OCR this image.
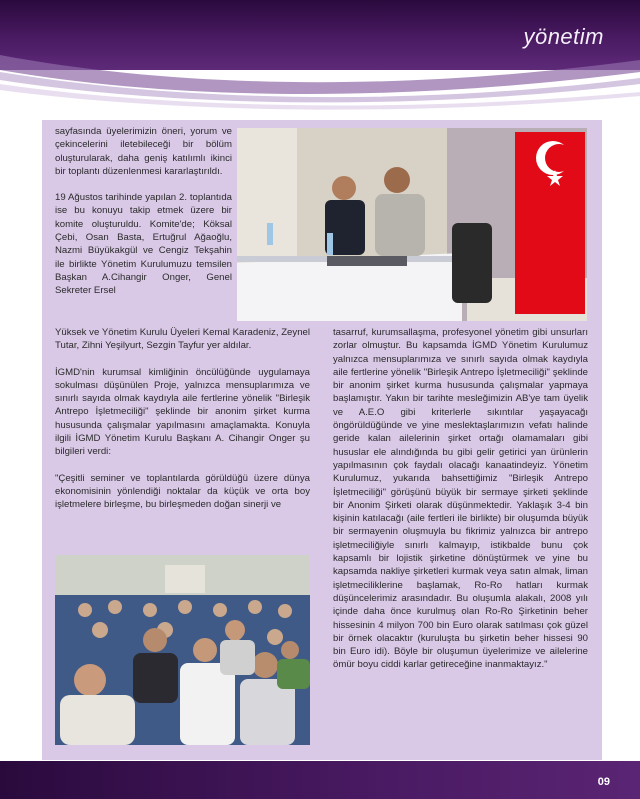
yönetim

sayfasında üyelerimizin öneri, yorum ve çekincelerini iletebileceği bir bölüm oluşturularak, daha geniş katılımlı ikinci bir toplantı düzenlenmesi kararlaştırıldı.

19 Ağustos tarihinde yapılan 2. toplantıda ise bu konuyu takip etmek üzere bir komite oluşturuldu. Komite'de; Köksal Çebi, Osan Basta, Ertuğrul Ağaoğlu, Nazmi Büyükakgül ve Cengiz Tekşahin ile birlikte Yönetim Kurulumuzu temsilen Başkan A.Cihangir Onger, Genel Sekreter Ersel

Yüksek ve Yönetim Kurulu Üyeleri Kemal Karadeniz, Zeynel Tutar, Zihni Yeşilyurt, Sezgin Tayfur yer aldılar.

İGMD'nin kurumsal kimliğinin öncülüğünde uygulamaya sokulması düşünülen Proje, yalnızca mensuplarımıza ve sınırlı sayıda olmak kaydıyla aile fertlerine yönelik "Birleşik Antrepo İşletmeciliği" şeklinde bir anonim şirket kurma hususunda çalışmalar yapılmasını amaçlamakta. Konuyla ilgili İGMD Yönetim Kurulu Başkanı A. Cihangir Onger şu bilgileri verdi:

"Çeşitli seminer ve toplantılarda görüldüğü üzere dünya ekonomisinin yönlendiği noktalar da küçük ve orta boy işletmelere birleşme, bu birleşmeden doğan sinerji ve

tasarruf, kurumsallaşma, profesyonel yönetim gibi unsurları zorlar olmuştur. Bu kapsamda İGMD Yönetim Kurulumuz yalnızca mensuplarımıza ve sınırlı sayıda olmak kaydıyla aile fertlerine yönelik "Birleşik Antrepo İşletmeciliği" şeklinde bir anonim şirket kurma hususunda çalışmalar yapmaya başlamıştır. Yakın bir tarihte mesleğimizin AB'ye tam üyelik ve A.E.O gibi kriterlerle sıkıntılar yaşayacağı öngörüldüğünde ve yine meslektaşlarımızın vefatı halinde geride kalan ailelerinin şirket ortağı olamamaları gibi hususlar ele alındığında bu gibi gelir getirici yan ürünlerin yapılmasının çok faydalı olacağı kanaatindeyiz. Yönetim Kurulumuz, yukarıda bahsettiğimiz "Birleşik Antrepo İşletmeciliği" görüşünü büyük bir sermaye şirketi şeklinde bir Anonim Şirketi olarak düşünmektedir. Yaklaşık 3-4 bin kişinin katılacağı (aile fertleri ile birlikte) bir oluşumda büyük bir sermayenin oluşmuyla bu fikrimiz yalnızca bir antrepo işletmeciliğiyle sınırlı kalmayıp, istikbalde bunu çok kapsamlı bir lojistik şirketine dönüştürmek ve yine bu kapsamda nakliye şirketleri kurmak veya satın almak, liman işletmeciliklerine başlamak, Ro-Ro hatları kurmak düşüncelerimiz arasındadır. Bu oluşumla alakalı, 2008 yılı içinde daha önce kurulmuş olan Ro-Ro Şirketinin beher hissesinin 4 milyon 700 bin Euro olarak satılması çok güzel bir örnek olacaktır (kuruluşta bu şirketin beher hissesi 90 bin Euro idi). Böyle bir oluşumun üyelerimize ve ailelerine ömür boyu ciddi karlar getireceğine inanmaktayız."

09
